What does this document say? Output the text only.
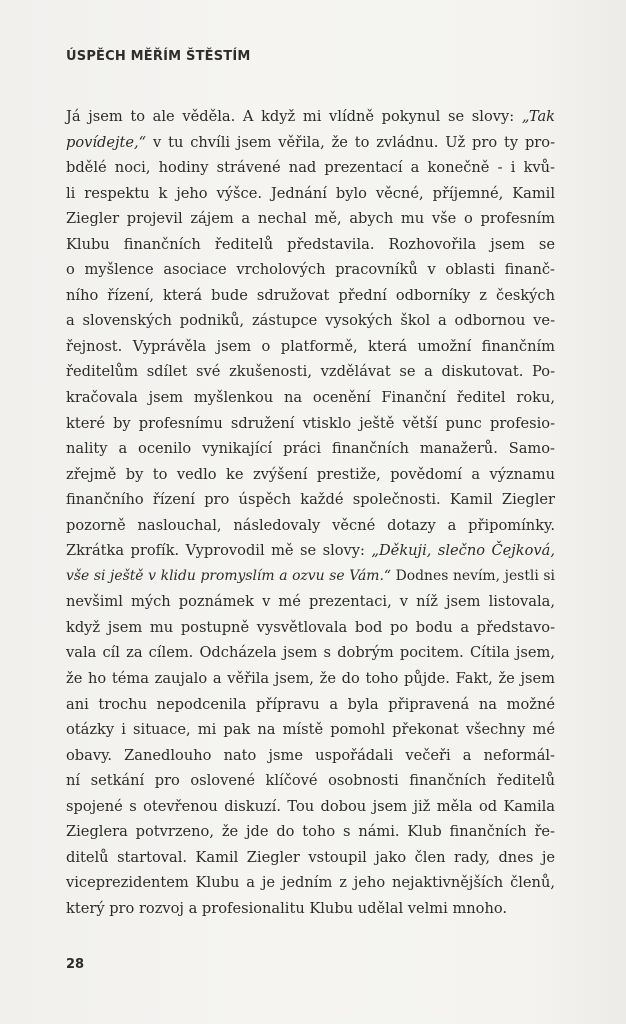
ÚSPĚCH MĚŘÍM ŠTĚSTÍM
Já jsem to ale věděla. A když mi vlídně pokynul se slovy: „Tak
povídejte,“ v tu chvíli jsem věřila, že to zvládnu. Už pro ty pro-
bdělé noci, hodiny strávené nad prezentací a konečně - i kvů-
li respektu k jeho výšce. Jednání bylo věcné, příjemné, Kamil
Ziegler projevil zájem a nechal mě, abych mu vše o profesním
Klubu finančních ředitelů představila. Rozhovořila jsem se
o myšlence asociace vrcholových pracovníků v oblasti finanč-
ního řízení, která bude sdružovat přední odborníky z českých
a slovenských podniků, zástupce vysokých škol a odbornou ve-
řejnost. Vyprávěla jsem o platformě, která umožní finančním
ředitelům sdílet své zkušenosti, vzdělávat se a diskutovat. Po-
kračovala jsem myšlenkou na ocenění Finanční ředitel roku,
které by profesnímu sdružení vtisklo ještě větší punc profesio-
nality a ocenilo vynikající práci finančních manažerů. Samo-
zřejmě by to vedlo ke zvýšení prestiže, povědomí a významu
finančního řízení pro úspěch každé společnosti. Kamil Ziegler
pozorně naslouchal, následovaly věcné dotazy a připomínky.
Zkrátka profík. Vyprovodil mě se slovy: „Děkuji, slečno Čejková,
vše si ještě v klidu promyslím a ozvu se Vám.“ Dodnes nevím, jestli si
nevšiml mých poznámek v mé prezentaci, v níž jsem listovala,
když jsem mu postupně vysvětlovala bod po bodu a představo-
vala cíl za cílem. Odcházela jsem s dobrým pocitem. Cítila jsem,
že ho téma zaujalo a věřila jsem, že do toho půjde. Fakt, že jsem
ani trochu nepodcenila přípravu a byla připravená na možné
otázky i situace, mi pak na místě pomohl překonat všechny mé
obavy. Zanedlouho nato jsme uspořádali večeři a neformál-
ní setkání pro oslovené klíčové osobnosti finančních ředitelů
spojené s otevřenou diskuzí. Tou dobou jsem již měla od Kamila
Zieglera potvrzeno, že jde do toho s námi. Klub finančních ře-
ditelů startoval. Kamil Ziegler vstoupil jako člen rady, dnes je
viceprezidentem Klubu a je jedním z jeho nejaktivnějších členů,
který pro rozvoj a profesionalitu Klubu udělal velmi mnoho.
28
